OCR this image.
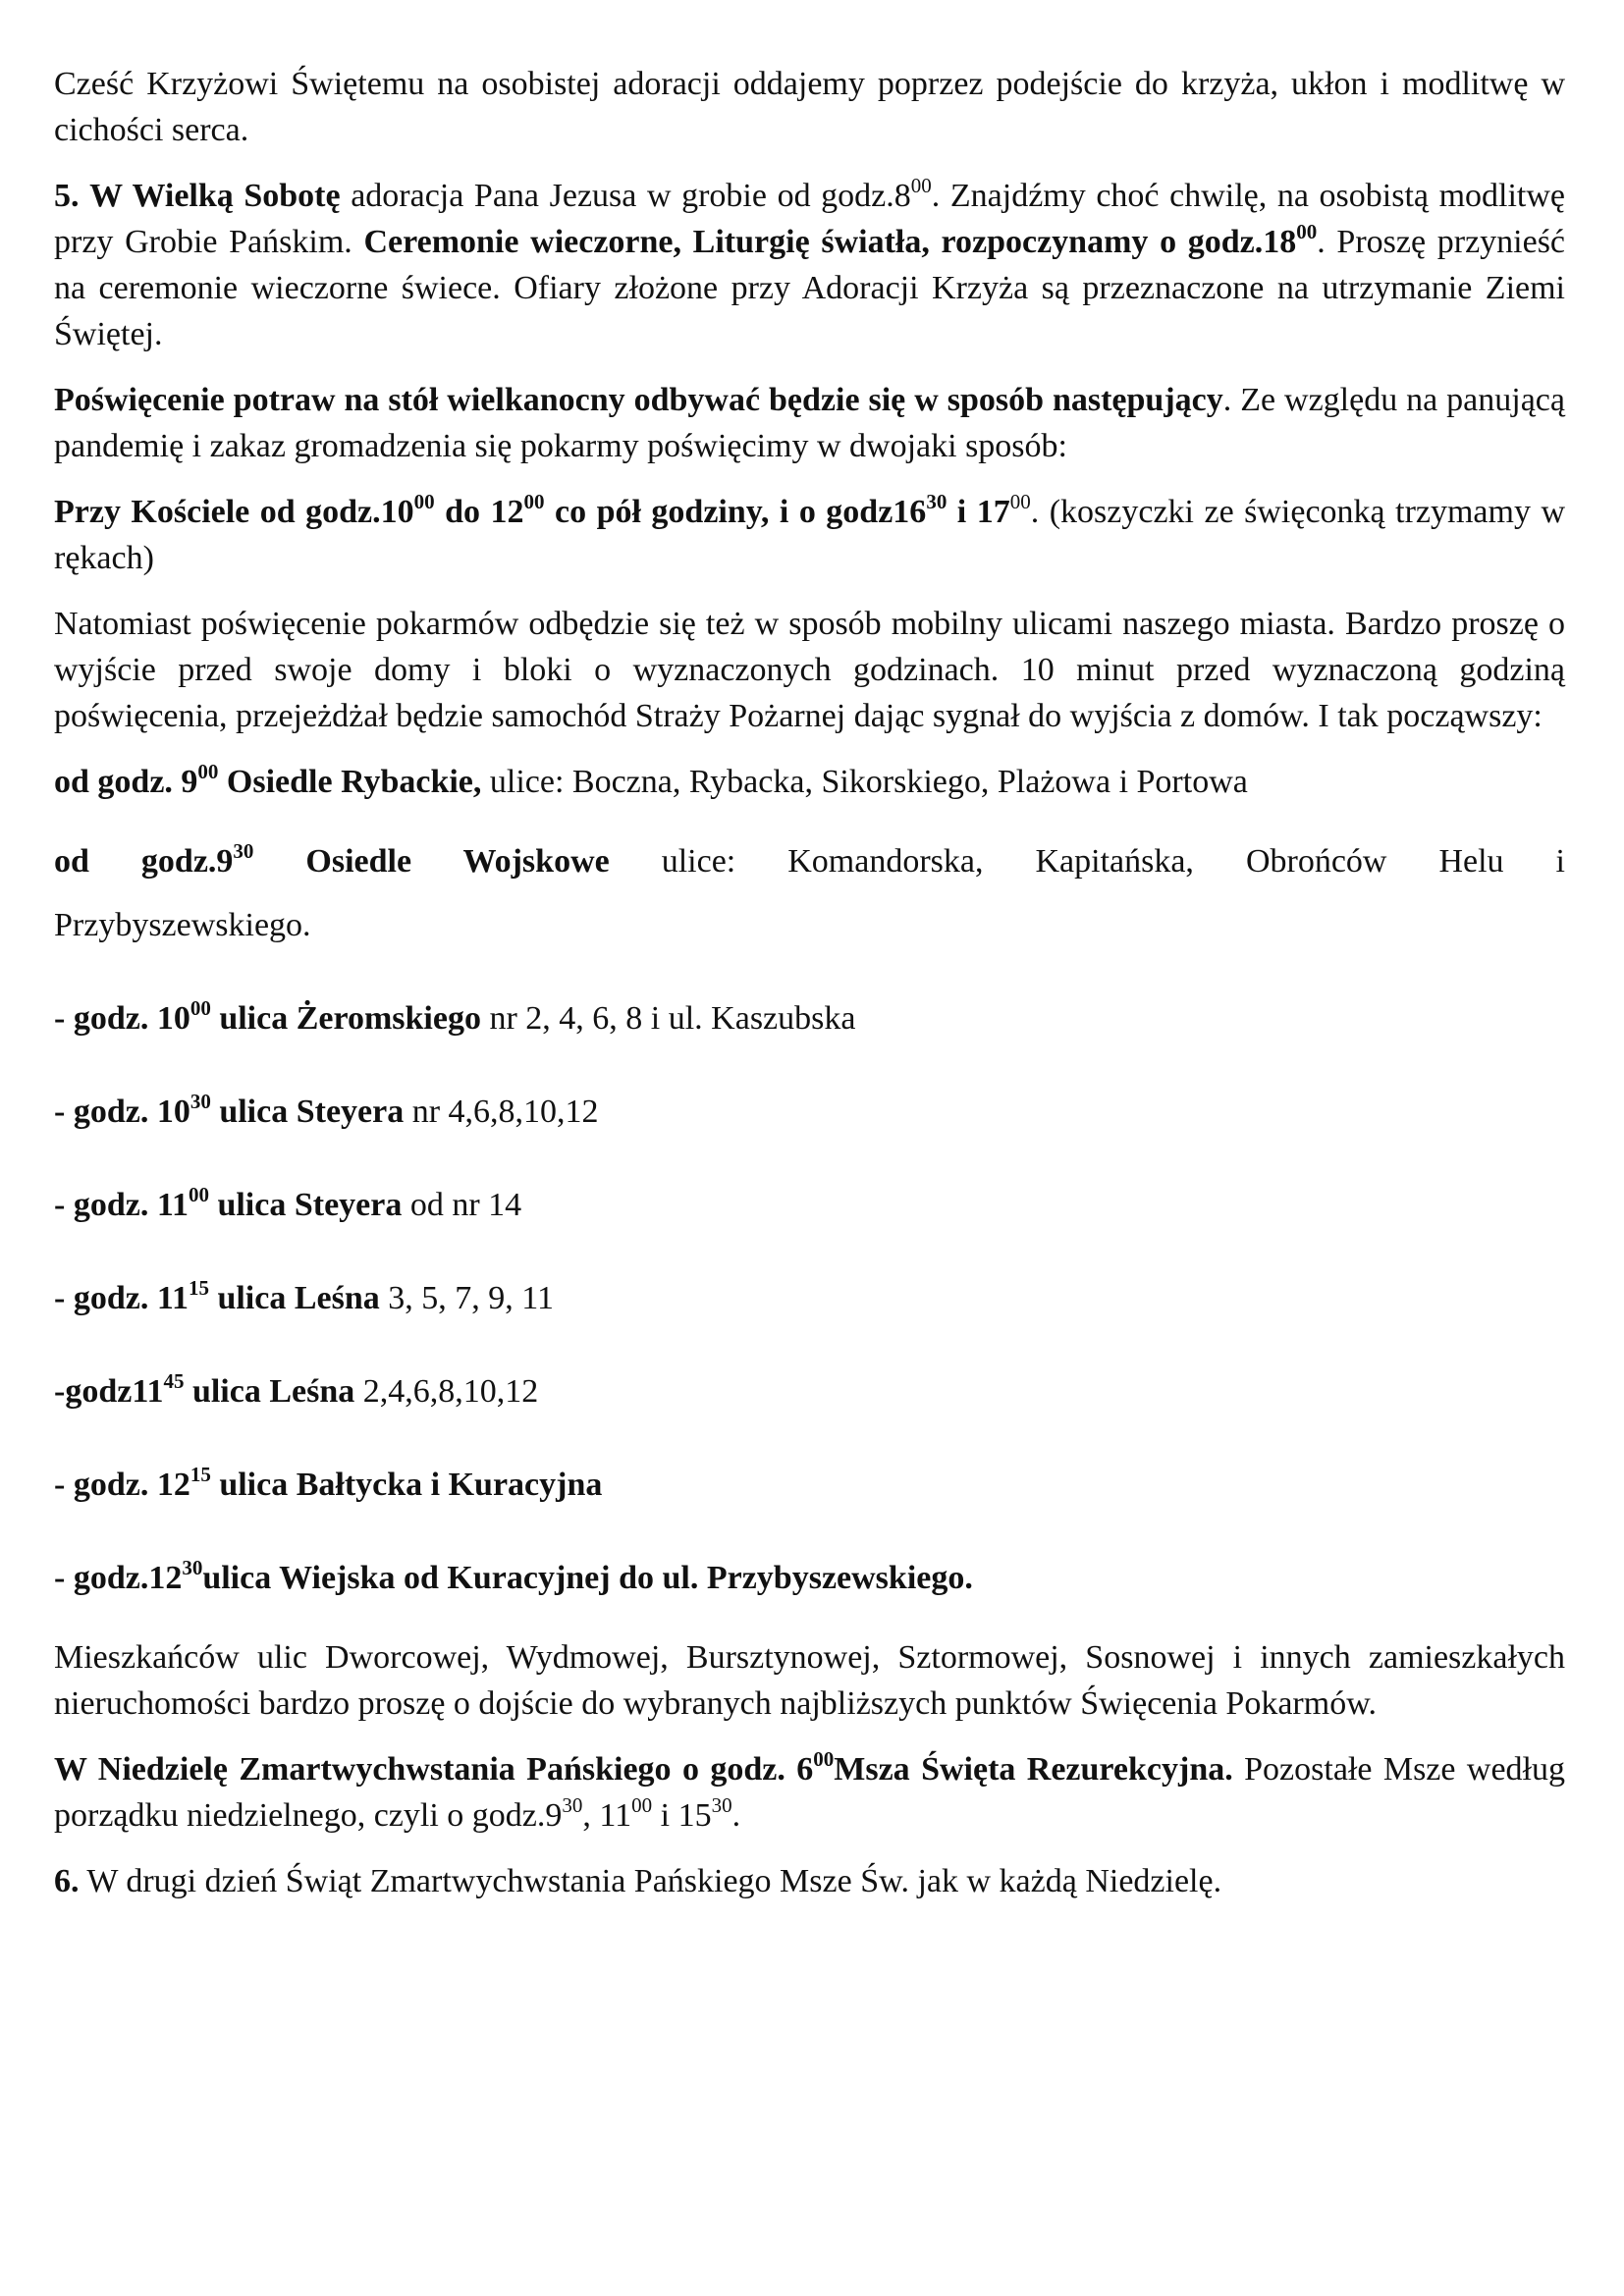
Cześć Krzyżowi Świętemu na osobistej adoracji oddajemy poprzez podejście do krzyża, ukłon i modlitwę w cichości serca.

5. W Wielką Sobotę adoracja Pana Jezusa w grobie od $godz.8^{00}$. Znajdźmy choć chwilę, na osobistą modlitwę przy Grobie Pańskim. Ceremonie wieczorne, Liturgię światła, rozpoczynamy o $godz.18^{00}$. Proszę przynieść na ceremonie wieczorne świece. Ofiary złożone przy Adoracji Krzyża są przeznaczone na utrzymanie Ziemi Świętej.

Poświęcenie potraw na stół wielkanocny odbywać będzie się w sposób następujący. Ze względu na panującą pandemię i zakaz gromadzenia się pokarmy poświęcimy w dwojaki sposób:

Przy Kościele od $godz.10^{00}$ do $12^{00}$ co pół godziny, i o $godz16^{30}$ i $17^{00}$. (koszyczki ze święconką trzymamy w rękach)

Natomiast poświęcenie pokarmów odbędzie się też w sposób mobilny ulicami naszego miasta. Bardzo proszę o wyjście przed swoje domy i bloki o wyznaczonych godzinach. 10 minut przed wyznaczoną godziną poświęcenia, przejeżdżał będzie samochód Straży Pożarnej dając sygnał do wyjścia z domów. I tak począwszy:

od godz. $9^{00}$ Osiedle Rybackie, ulice: Boczna, Rybacka, Sikorskiego, Plażowa i Portowa

od $godz.9^{30}$ Osiedle Wojskowe ulice: Komandorska, Kapitańska, Obrońców Helu i

Przybyszewskiego.

- godz. $10^{00}$ ulica Żeromskiego nr 2, 4, 6, 8 i ul. Kaszubska

- godz. $10^{30}$ ulica Steyera nr 4,6,8,10,12

- godz. $11^{00}$ ulica Steyera od nr 14

- godz. $11^{15}$ ulica Leśna 3, 5, 7, 9, 11

$-godz11^{45}$ ulica Leśna 2,4,6,8,10,12

- godz. $12^{15}$ ulica Bałtycka i Kuracyjna

- $godz.12^{30}ulica$ Wiejska od Kuracyjnej do ul. Przybyszewskiego.

Mieszkańców ulic Dworcowej, Wydmowej, Bursztynowej, Sztormowej, Sosnowej i innych zamieszkałych nieruchomości bardzo proszę o dojście do wybranych najbliższych punktów Święcenia Pokarmów.

W Niedzielę Zmartwychwstania Pańskiego o godz. $6^{00}Msza$ Święta Rezurekcyjna. Pozostałe Msze według porządku niedzielnego, czyli o $godz.9^{30}$, $11^{00}$ i $15^{30}$.

6. W drugi dzień Świąt Zmartwychwstania Pańskiego Msze Św. jak w każdą Niedzielę.
